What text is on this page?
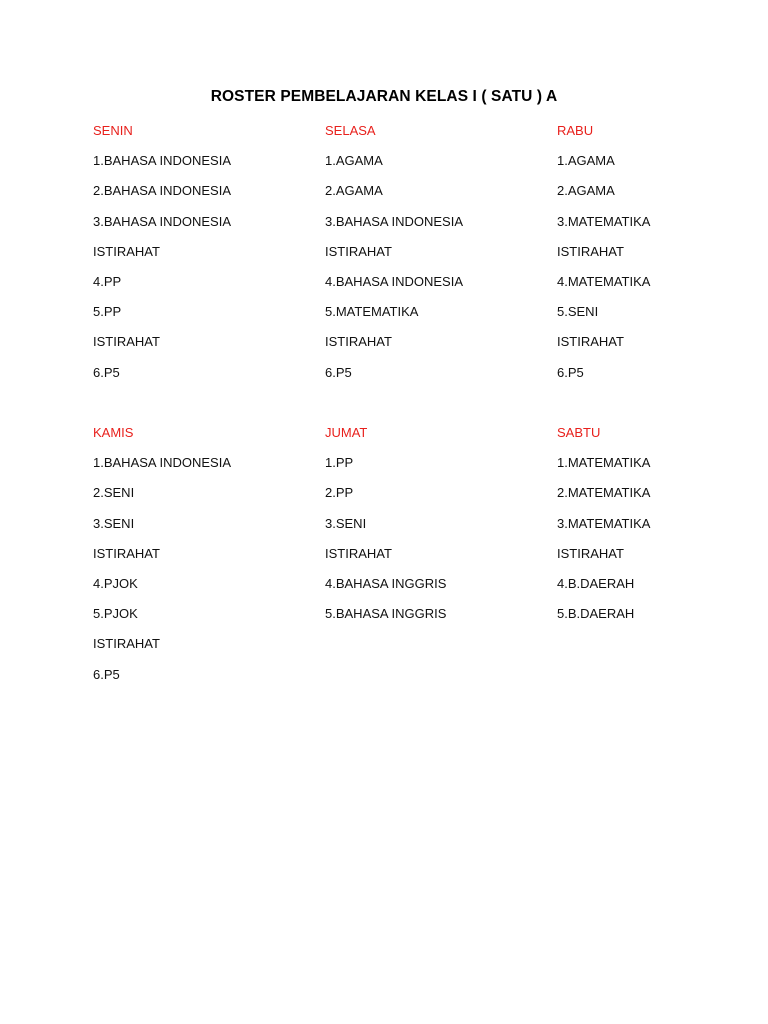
ROSTER PEMBELAJARAN KELAS I ( SATU ) A
SENIN
1.BAHASA INDONESIA
2.BAHASA INDONESIA
3.BAHASA INDONESIA
ISTIRAHAT
4.PP
5.PP
ISTIRAHAT
6.P5
SELASA
1.AGAMA
2.AGAMA
3.BAHASA INDONESIA
ISTIRAHAT
4.BAHASA INDONESIA
5.MATEMATIKA
ISTIRAHAT
6.P5
RABU
1.AGAMA
2.AGAMA
3.MATEMATIKA
ISTIRAHAT
4.MATEMATIKA
5.SENI
ISTIRAHAT
6.P5
KAMIS
1.BAHASA INDONESIA
2.SENI
3.SENI
ISTIRAHAT
4.PJOK
5.PJOK
ISTIRAHAT
6.P5
JUMAT
1.PP
2.PP
3.SENI
ISTIRAHAT
4.BAHASA INGGRIS
5.BAHASA INGGRIS
SABTU
1.MATEMATIKA
2.MATEMATIKA
3.MATEMATIKA
ISTIRAHAT
4.B.DAERAH
5.B.DAERAH
